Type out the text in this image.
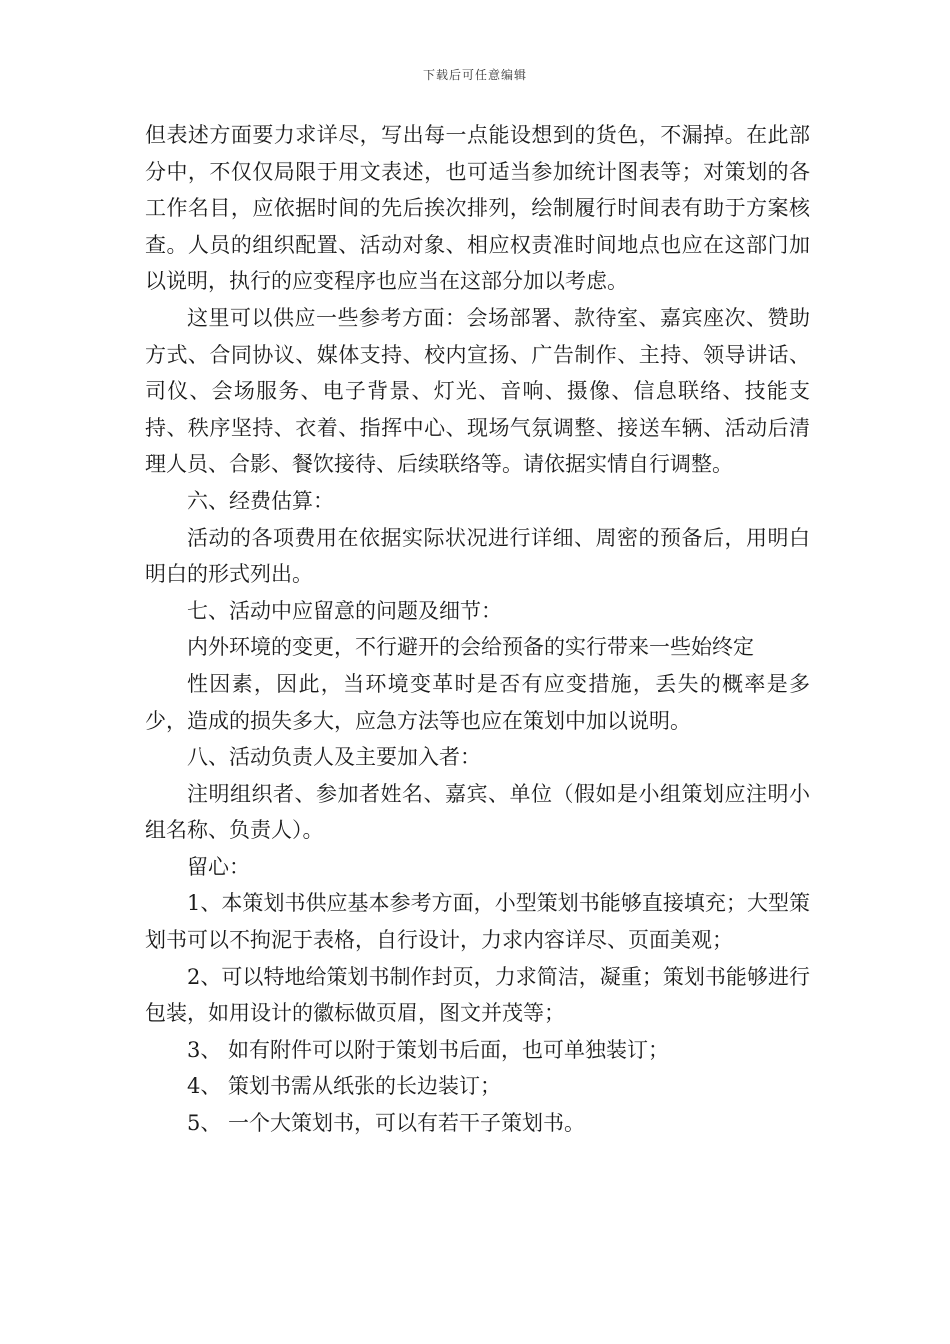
下载后可任意编辑

但表述方面要力求详尽，写出每一点能设想到的货色，不漏掉。在此部分中，不仅仅局限于用文表述，也可适当参加统计图表等；对策划的各工作名目，应依据时间的先后挨次排列，绘制履行时间表有助于方案核查。人员的组织配置、活动对象、相应权责准时间地点也应在这部门加以说明，执行的应变程序也应当在这部分加以考虑。

这里可以供应一些参考方面：会场部署、款待室、嘉宾座次、赞助方式、合同协议、媒体支持、校内宣扬、广告制作、主持、领导讲话、司仪、会场服务、电子背景、灯光、音响、摄像、信息联络、技能支持、秩序坚持、衣着、指挥中心、现场气氛调整、接送车辆、活动后清理人员、合影、餐饮接待、后续联络等。请依据实情自行调整。

六、经费估算：

活动的各项费用在依据实际状况进行详细、周密的预备后，用明白明白的形式列出。

七、活动中应留意的问题及细节：

内外环境的变更，不行避开的会给预备的实行带来一些始终定

性因素，因此，当环境变革时是否有应变措施，丢失的概率是多少，造成的损失多大，应急方法等也应在策划中加以说明。

八、活动负责人及主要加入者：

注明组织者、参加者姓名、嘉宾、单位（假如是小组策划应注明小组名称、负责人）。

留心：

1、本策划书供应基本参考方面，小型策划书能够直接填充；大型策划书可以不拘泥于表格，自行设计，力求内容详尽、页面美观；

2、可以特地给策划书制作封页，力求简洁，凝重；策划书能够进行包装，如用设计的徽标做页眉，图文并茂等；

3、 如有附件可以附于策划书后面，也可单独装订；

4、 策划书需从纸张的长边装订；

5、 一个大策划书，可以有若干子策划书。
